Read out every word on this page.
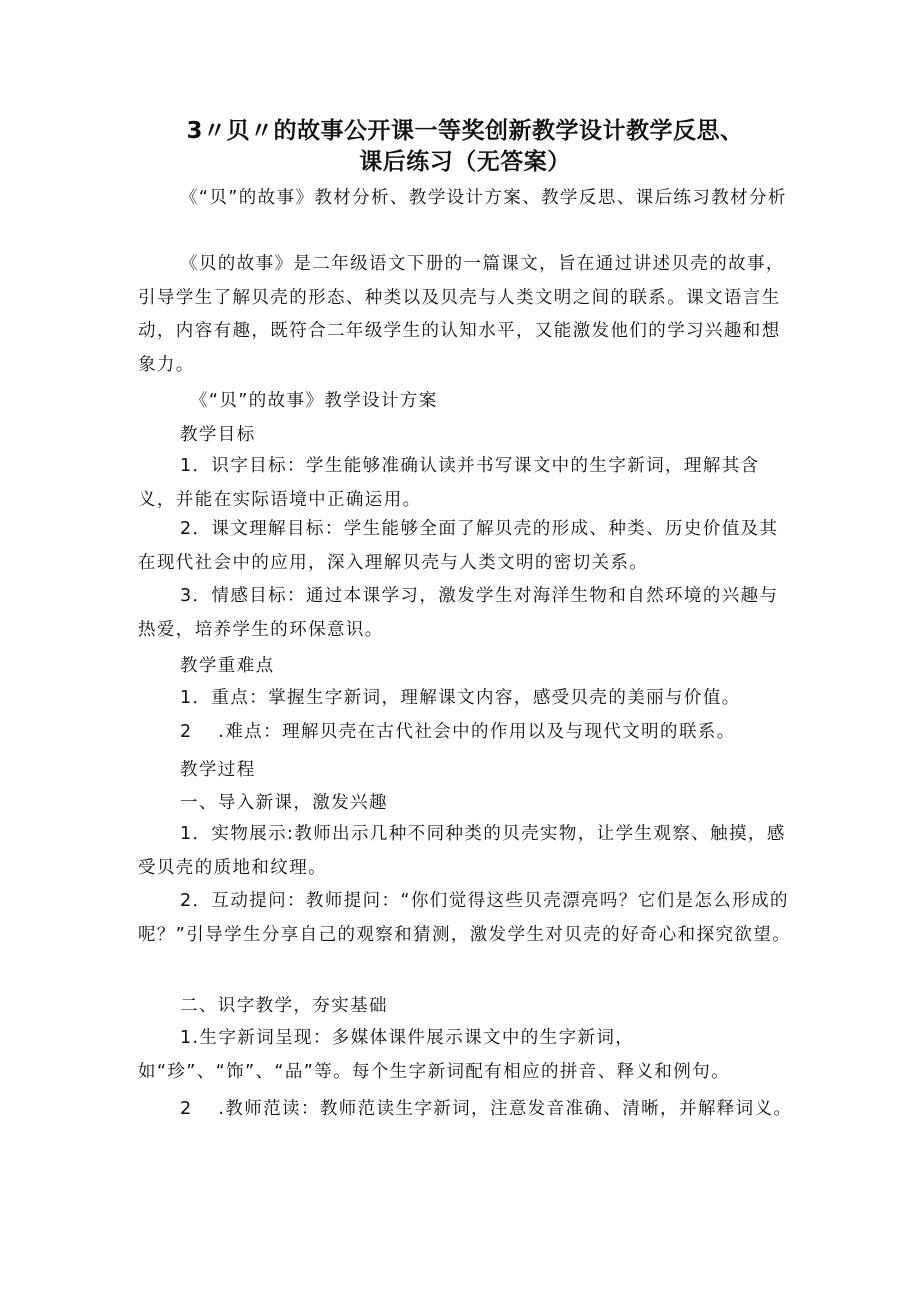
3〃贝〃的故事公开课一等奖创新教学设计教学反思、
课后练习（无答案）
《“贝”的故事》教材分析、教学设计方案、教学反思、课后练习教材分析
《贝的故事》是二年级语文下册的一篇课文，旨在通过讲述贝壳的故事，引导学生了解贝壳的形态、种类以及贝壳与人类文明之间的联系。课文语言生动，内容有趣，既符合二年级学生的认知水平，又能激发他们的学习兴趣和想象力。
《“贝”的故事》教学设计方案
教学目标
1．识字目标：学生能够准确认读并书写课文中的生字新词，理解其含义，并能在实际语境中正确运用。
2．课文理解目标：学生能够全面了解贝壳的形成、种类、历史价值及其在现代社会中的应用，深入理解贝壳与人类文明的密切关系。
3．情感目标：通过本课学习，激发学生对海洋生物和自然环境的兴趣与热爱，培养学生的环保意识。
教学重难点
1．重点：掌握生字新词，理解课文内容，感受贝壳的美丽与价值。
2　 .难点：理解贝壳在古代社会中的作用以及与现代文明的联系。
教学过程
一、导入新课，激发兴趣
1．实物展示:教师出示几种不同种类的贝壳实物，让学生观察、触摸，感受贝壳的质地和纹理。
2．互动提问：教师提问：“你们觉得这些贝壳漂亮吗？它们是怎么形成的呢？”引导学生分享自己的观察和猜测，激发学生对贝壳的好奇心和探究欲望。
二、识字教学，夯实基础
1.生字新词呈现：多媒体课件展示课文中的生字新词，如“珍”、“饰”、“品”等。每个生字新词配有相应的拼音、释义和例句。
2　 .教师范读：教师范读生字新词，注意发音准确、清晰，并解释词义。
